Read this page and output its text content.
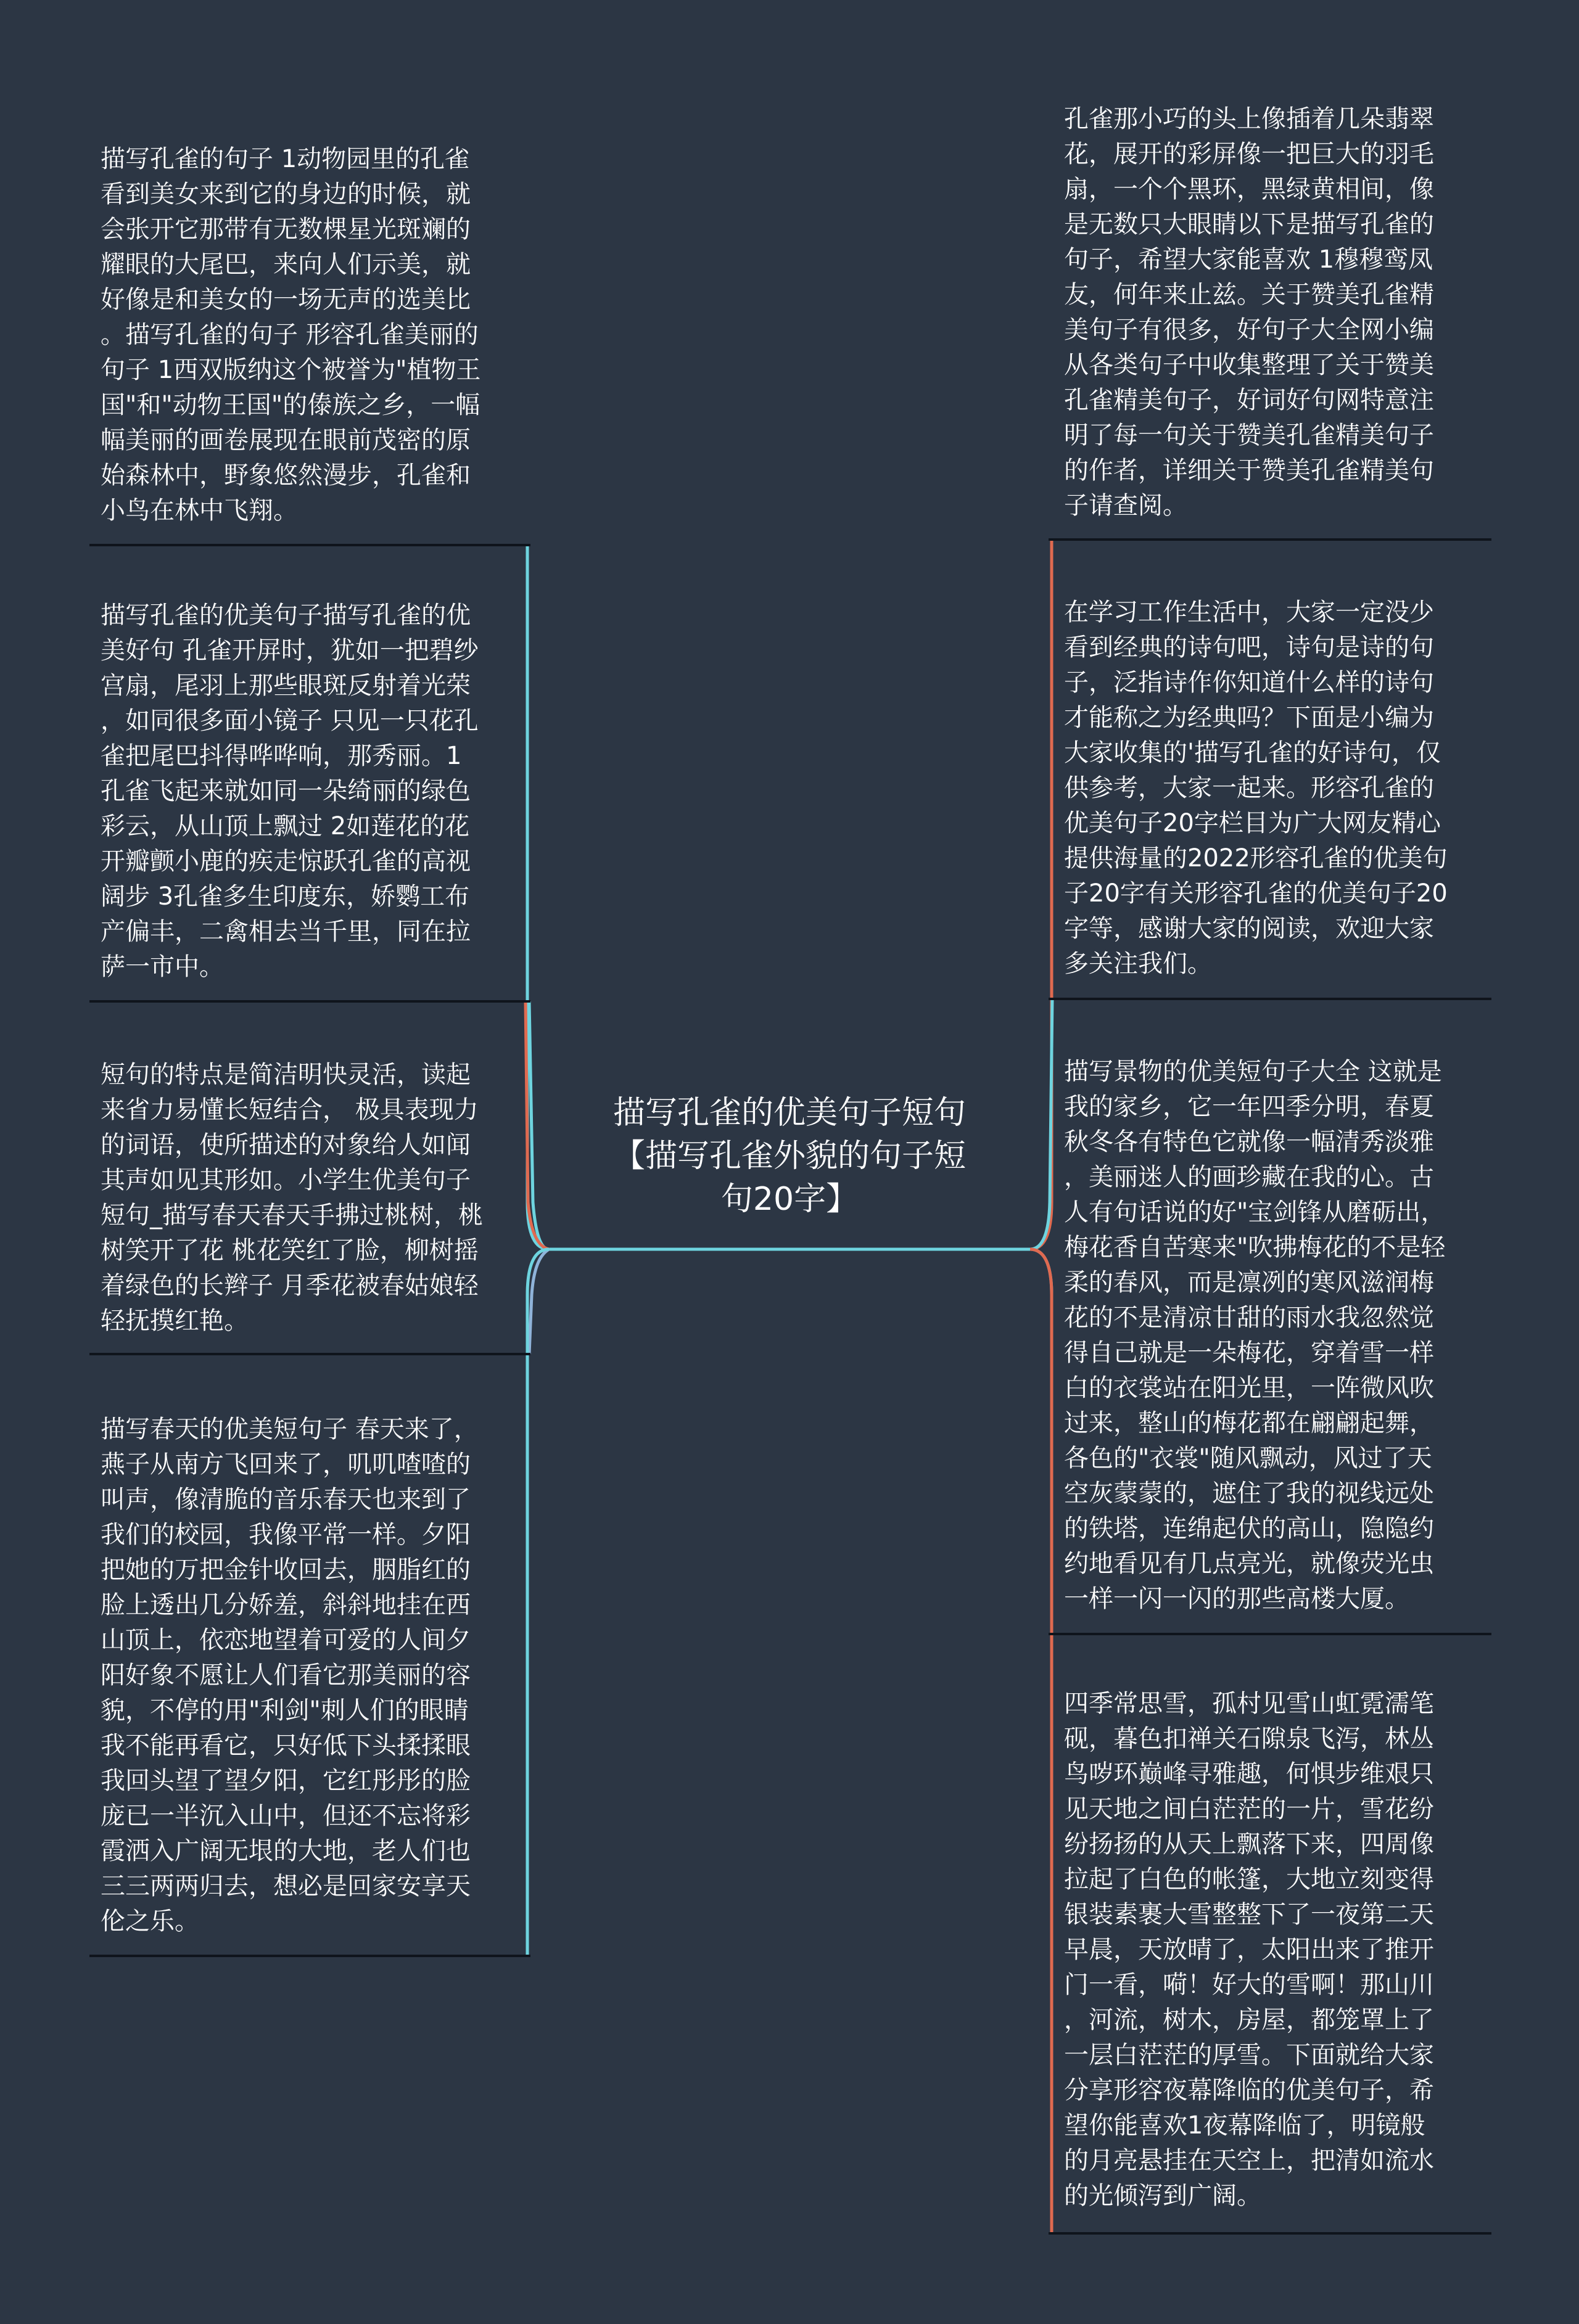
描写孔雀的优美句子短句
【描写孔雀外貌的句子短
句20字】
描写孔雀的句子 1动物园里的孔雀
看到美女来到它的身边的时候，就
会张开它那带有无数棵星光斑斓的
耀眼的大尾巴，来向人们示美，就
好像是和美女的一场无声的选美比
。描写孔雀的句子 形容孔雀美丽的
句子 1西双版纳这个被誉为"植物王
国"和"动物王国"的傣族之乡，一幅
幅美丽的画卷展现在眼前茂密的原
始森林中，野象悠然漫步，孔雀和
小鸟在林中飞翔。
描写孔雀的优美句子描写孔雀的优
美好句 孔雀开屏时，犹如一把碧纱
宫扇，尾羽上那些眼斑反射着光荣
，如同很多面小镜子 只见一只花孔
雀把尾巴抖得哗哗响，那秀丽。1
孔雀飞起来就如同一朵绮丽的绿色
彩云，从山顶上飘过 2如莲花的花
开瓣颤小鹿的疾走惊跃孔雀的高视
阔步 3孔雀多生印度东，娇鹦工布
产偏丰，二禽相去当千里，同在拉
萨一市中。
短句的特点是简洁明快灵活，读起
来省力易懂长短结合， 极具表现力
的词语，使所描述的对象给人如闻
其声如见其形如。小学生优美句子
短句_描写春天春天手拂过桃树，桃
树笑开了花 桃花笑红了脸，柳树摇
着绿色的长辫子 月季花被春姑娘轻
轻抚摸红艳。
描写春天的优美短句子 春天来了，
燕子从南方飞回来了，叽叽喳喳的
叫声，像清脆的音乐春天也来到了
我们的校园，我像平常一样。夕阳
把她的万把金针收回去，胭脂红的
脸上透出几分娇羞，斜斜地挂在西
山顶上，依恋地望着可爱的人间夕
阳好象不愿让人们看它那美丽的容
貌，不停的用"利剑"刺人们的眼睛
我不能再看它，只好低下头揉揉眼
我回头望了望夕阳，它红彤彤的脸
庞已一半沉入山中，但还不忘将彩
霞洒入广阔无垠的大地，老人们也
三三两两归去，想必是回家安享天
伦之乐。
孔雀那小巧的头上像插着几朵翡翠
花，展开的彩屏像一把巨大的羽毛
扇，一个个黑环，黑绿黄相间，像
是无数只大眼睛以下是描写孔雀的
句子，希望大家能喜欢 1穆穆鸾凤
友，何年来止兹。关于赞美孔雀精
美句子有很多，好句子大全网小编
从各类句子中收集整理了关于赞美
孔雀精美句子，好词好句网特意注
明了每一句关于赞美孔雀精美句子
的作者，详细关于赞美孔雀精美句
子请查阅。
在学习工作生活中，大家一定没少
看到经典的诗句吧，诗句是诗的句
子，泛指诗作你知道什么样的诗句
才能称之为经典吗？下面是小编为
大家收集的'描写孔雀的好诗句，仅
供参考，大家一起来。形容孔雀的
优美句子20字栏目为广大网友精心
提供海量的2022形容孔雀的优美句
子20字有关形容孔雀的优美句子20
字等，感谢大家的阅读，欢迎大家
多关注我们。
描写景物的优美短句子大全 这就是
我的家乡，它一年四季分明，春夏
秋冬各有特色它就像一幅清秀淡雅
，美丽迷人的画珍藏在我的心。古
人有句话说的好"宝剑锋从磨砺出，
梅花香自苦寒来"吹拂梅花的不是轻
柔的春风，而是凛冽的寒风滋润梅
花的不是清凉甘甜的雨水我忽然觉
得自己就是一朵梅花，穿着雪一样
白的衣裳站在阳光里，一阵微风吹
过来，整山的梅花都在翩翩起舞，
各色的"衣裳"随风飘动，风过了天
空灰蒙蒙的，遮住了我的视线远处
的铁塔，连绵起伏的高山，隐隐约
约地看见有几点亮光，就像荧光虫
一样一闪一闪的那些高楼大厦。
四季常思雪，孤村见雪山虹霓濡笔
砚，暮色扣禅关石隙泉飞泻，林丛
鸟哕环巅峰寻雅趣，何惧步维艰只
见天地之间白茫茫的一片，雪花纷
纷扬扬的从天上飘落下来，四周像
拉起了白色的帐篷，大地立刻变得
银装素裹大雪整整下了一夜第二天
早晨，天放晴了，太阳出来了推开
门一看，嗬！好大的雪啊！那山川
，河流，树木，房屋，都笼罩上了
一层白茫茫的厚雪。下面就给大家
分享形容夜幕降临的优美句子，希
望你能喜欢1夜幕降临了，明镜般
的月亮悬挂在天空上，把清如流水
的光倾泻到广阔。
